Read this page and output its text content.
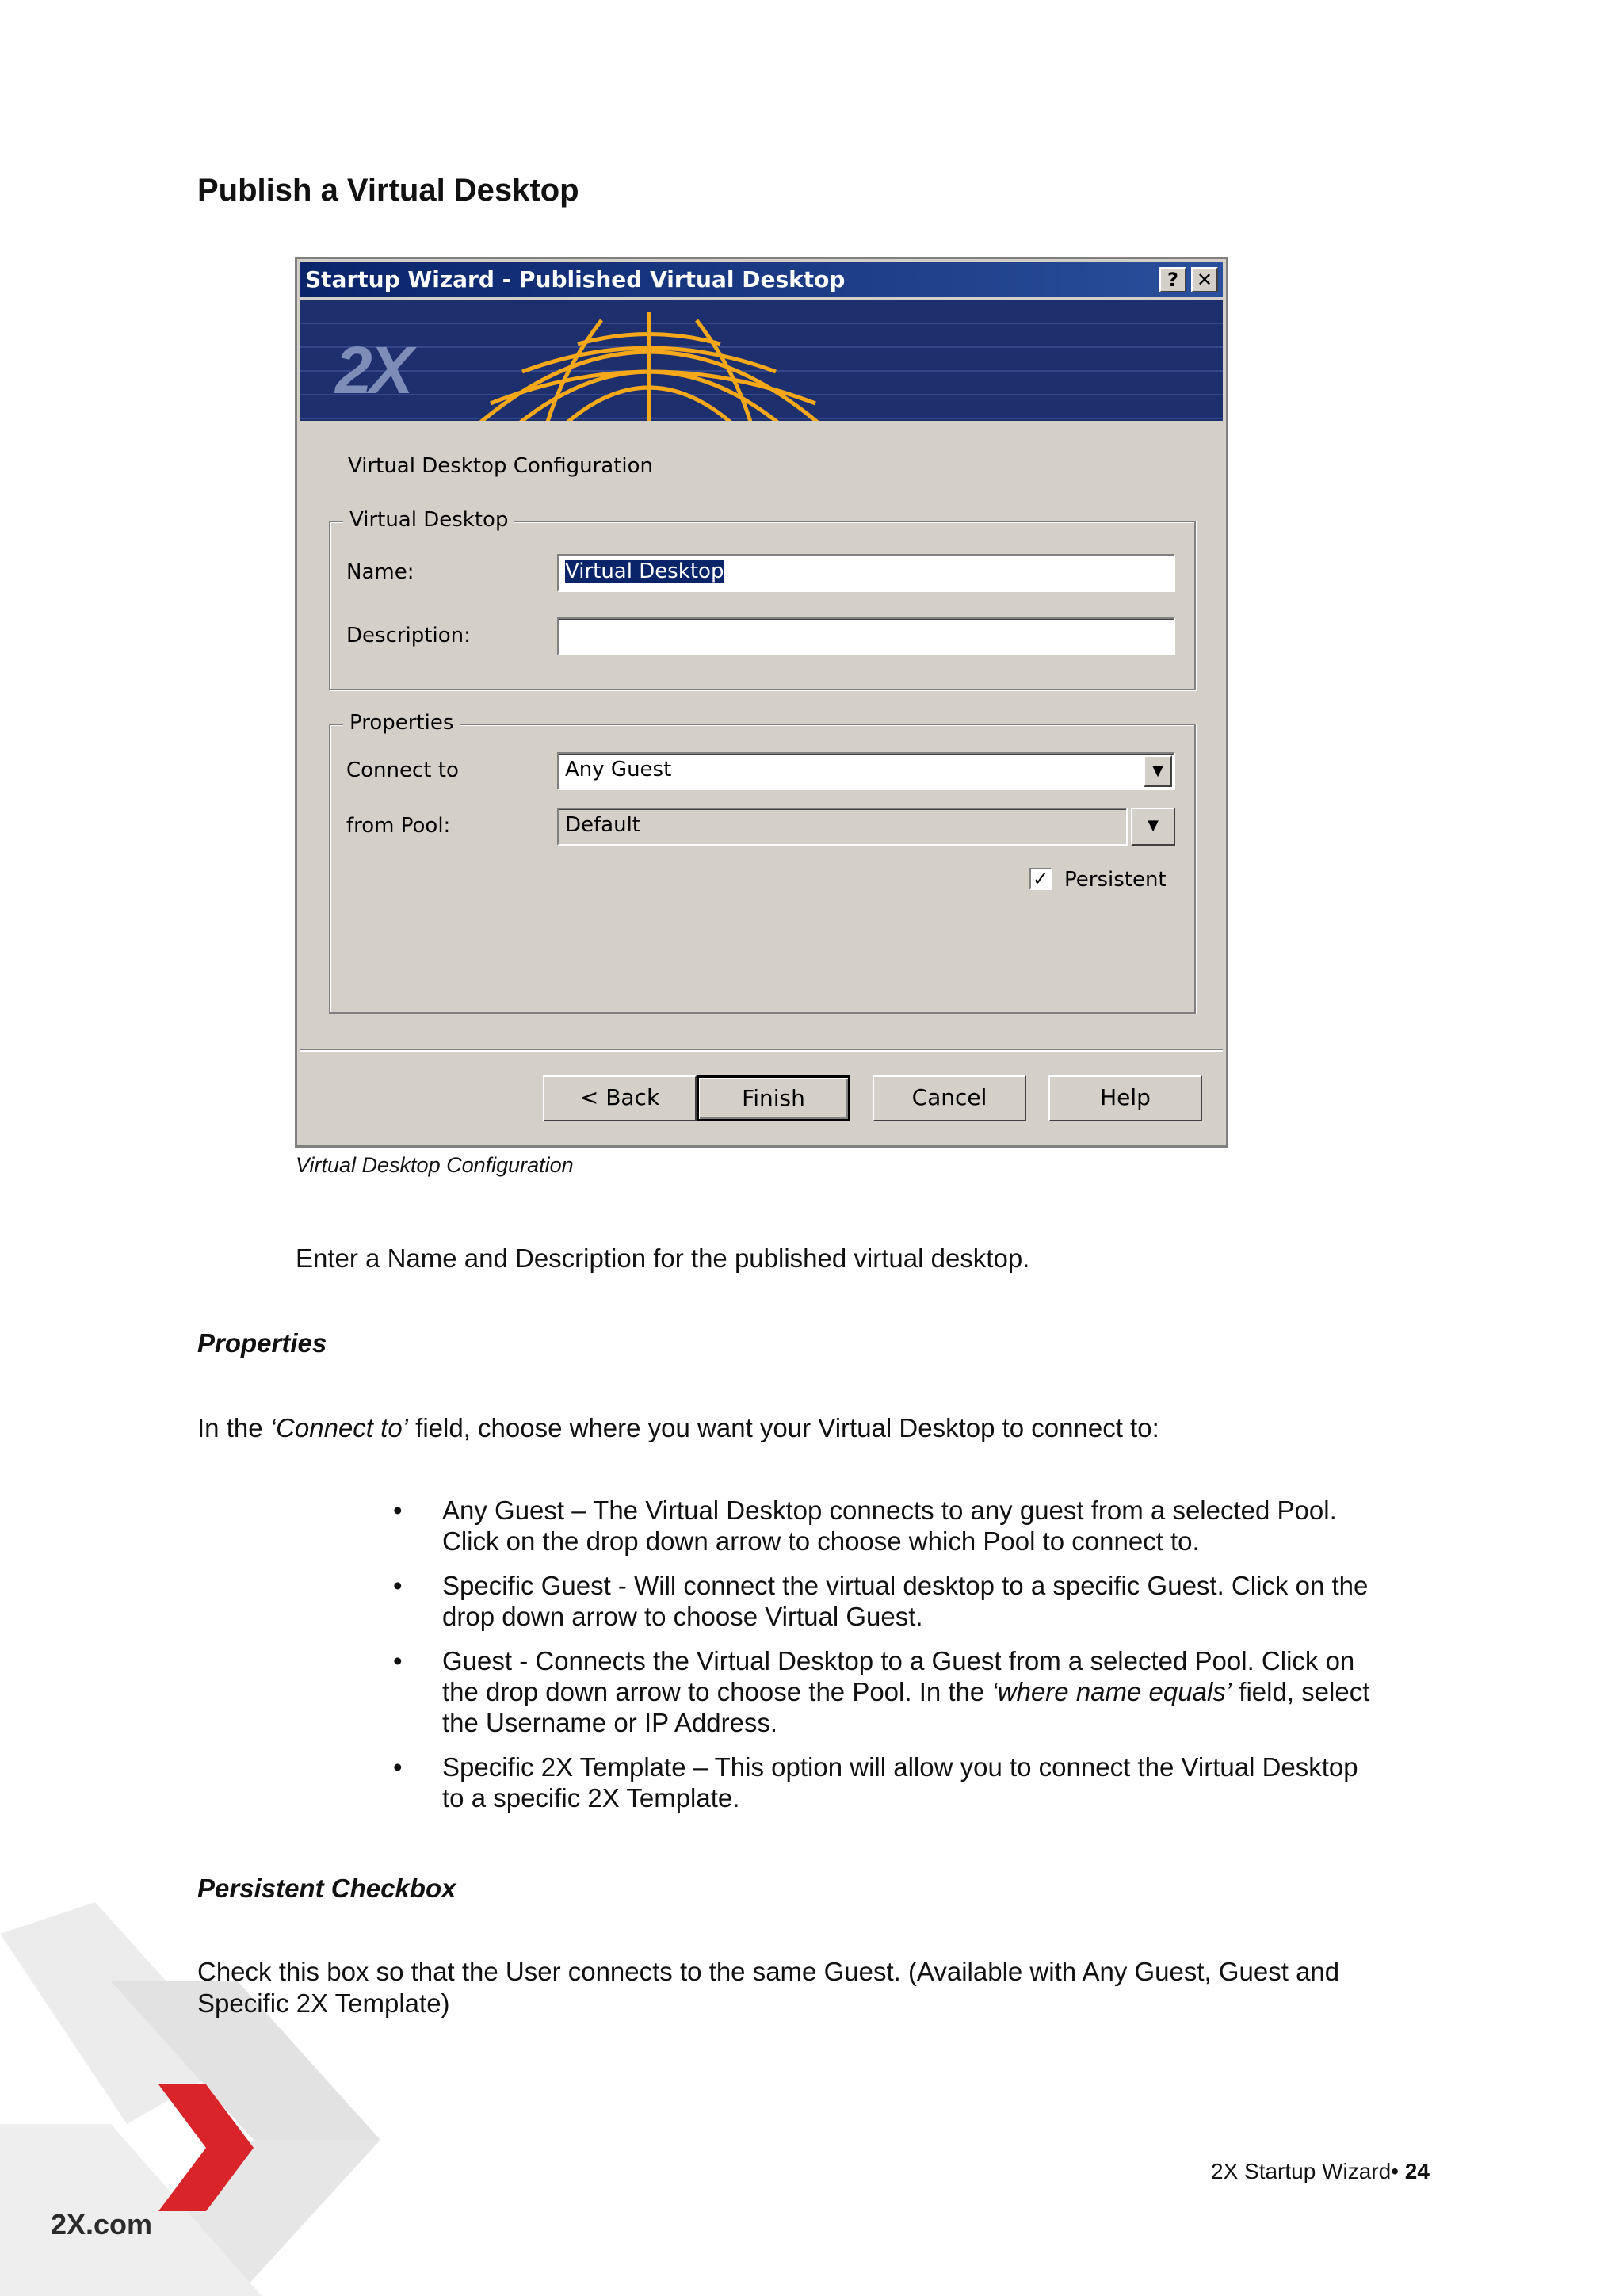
2X.com
Publish a Virtual Desktop
Startup Wizard - Published Virtual Desktop	? ✕
2X
Virtual Desktop Configuration
Virtual Desktop
Name:	Virtual Desktop
Description:
Properties
Connect to	Any Guest	▼
from Pool:	Default	▼
✓ Persistent
< Back	Finish	Cancel	Help
Virtual Desktop Configuration
Enter a Name and Description for the published virtual desktop.
Properties
In the ‘Connect to’ field, choose where you want your Virtual Desktop to connect to:
• Any Guest – The Virtual Desktop connects to any guest from a selected Pool. Click on the drop down arrow to choose which Pool to connect to.
• Specific Guest - Will connect the virtual desktop to a specific Guest. Click on the drop down arrow to choose Virtual Guest.
• Guest - Connects the Virtual Desktop to a Guest from a selected Pool. Click on the drop down arrow to choose the Pool. In the ‘where name equals’ field, select the Username or IP Address.
• Specific 2X Template – This option will allow you to connect the Virtual Desktop to a specific 2X Template.
Persistent Checkbox
Check this box so that the User connects to the same Guest. (Available with Any Guest, Guest and Specific 2X Template)
2X Startup Wizard• 24
